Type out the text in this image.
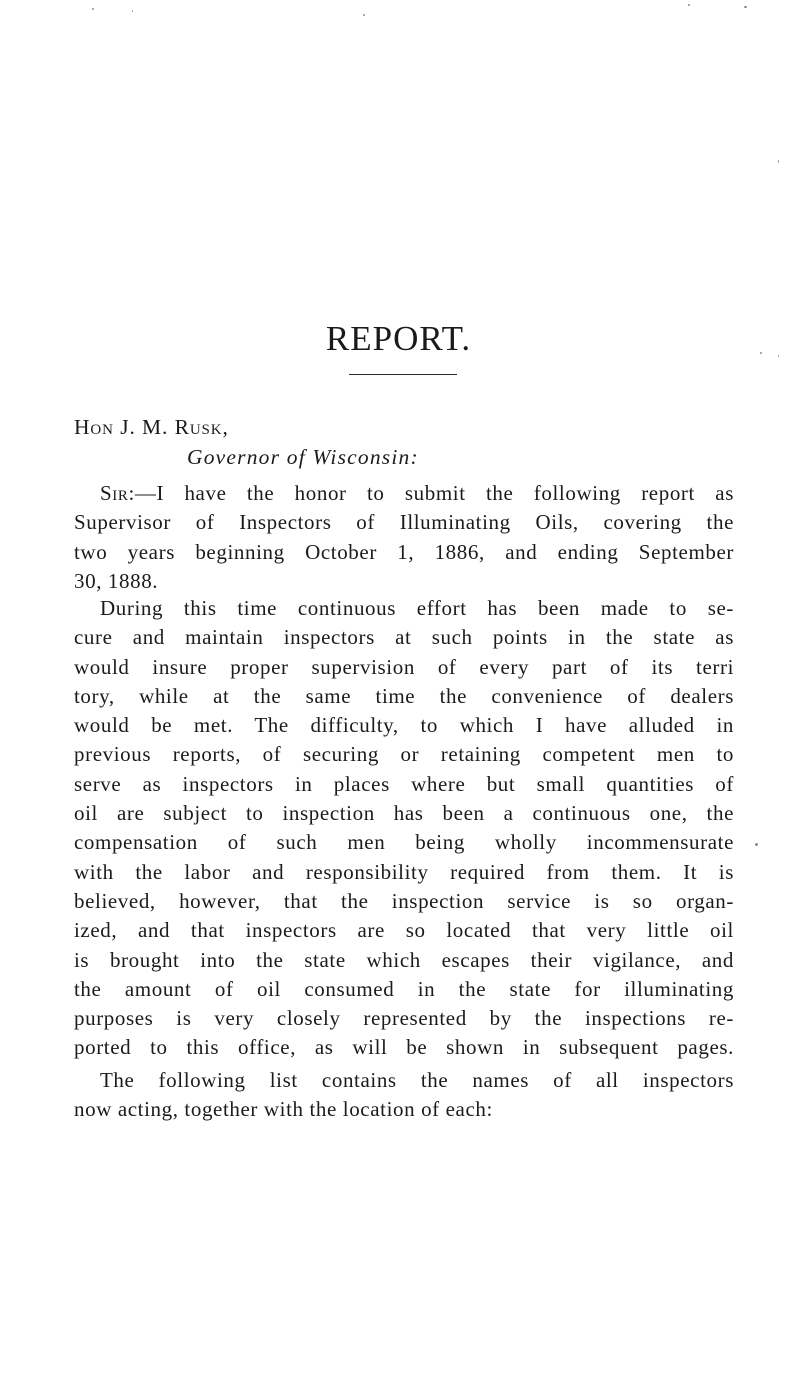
REPORT.
Hon J. M. Rusk,
Governor of Wisconsin:
Sir:—I have the honor to submit the following report as
Supervisor of Inspectors of Illuminating Oils, covering the
two years beginning October 1, 1886, and ending September
30, 1888.
During this time continuous effort has been made to se-
cure and maintain inspectors at such points in the state as
would insure proper supervision of every part of its terri
tory, while at the same time the convenience of dealers
would be met. The difficulty, to which I have alluded in
previous reports, of securing or retaining competent men to
serve as inspectors in places where but small quantities of
oil are subject to inspection has been a continuous one, the
compensation of such men being wholly incommensurate
with the labor and responsibility required from them. It is
believed, however, that the inspection service is so organ-
ized, and that inspectors are so located that very little oil
is brought into the state which escapes their vigilance, and
the amount of oil consumed in the state for illuminating
purposes is very closely represented by the inspections re-
ported to this office, as will be shown in subsequent pages.
The following list contains the names of all inspectors
now acting, together with the location of each:
